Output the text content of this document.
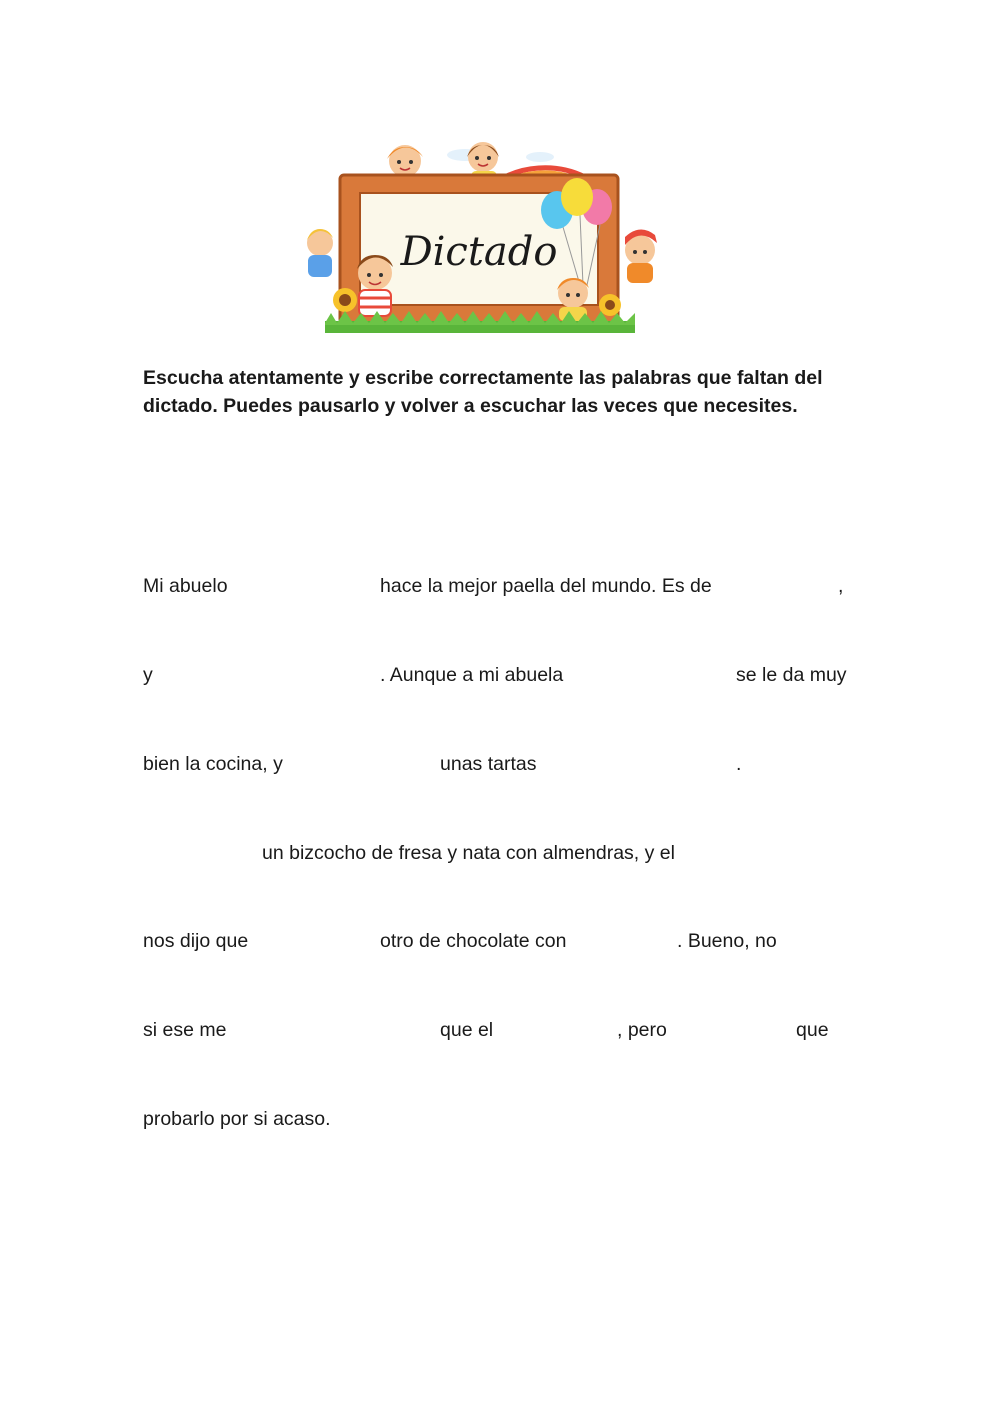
Dictado

Escucha atentamente y escribe correctamente las palabras que faltan del dictado. Puedes pausarlo y volver a escuchar las veces que necesites.

Mi abuelo	hace la mejor paella del mundo. Es de	,
y	. Aunque a mi abuela	se le da muy
bien la cocina, y	unas tartas	.
un bizcocho de fresa y nata con almendras, y el
nos dijo que	otro de chocolate con	. Bueno, no
si ese me	que el	, pero	que
probarlo por si acaso.
